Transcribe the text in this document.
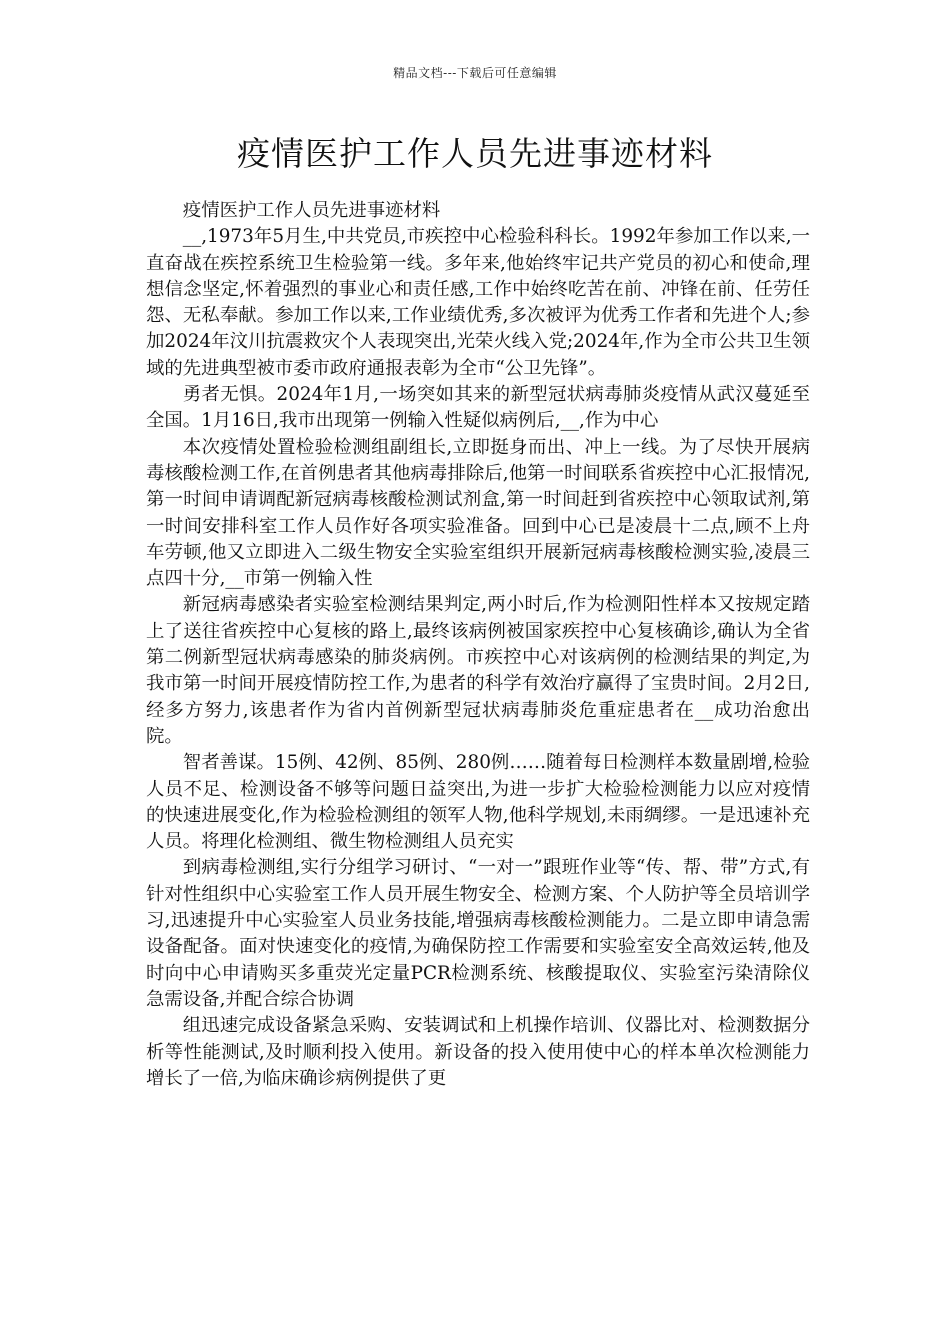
精品文档---下载后可任意编辑
疫情医护工作人员先进事迹材料

疫情医护工作人员先进事迹材料

__,1973年5月生,中共党员,市疾控中心检验科科长。1992年参加工作以来,一直奋战在疾控系统卫生检验第一线。多年来,他始终牢记共产党员的初心和使命,理想信念坚定,怀着强烈的事业心和责任感,工作中始终吃苦在前、冲锋在前、任劳任怨、无私奉献。参加工作以来,工作业绩优秀,多次被评为优秀工作者和先进个人;参加2024年汶川抗震救灾个人表现突出,光荣火线入党;2024年,作为全市公共卫生领域的先进典型被市委市政府通报表彰为全市“公卫先锋”。

勇者无惧。2024年1月,一场突如其来的新型冠状病毒肺炎疫情从武汉蔓延至全国。1月16日,我市出现第一例输入性疑似病例后,__,作为中心

本次疫情处置检验检测组副组长,立即挺身而出、冲上一线。为了尽快开展病毒核酸检测工作,在首例患者其他病毒排除后,他第一时间联系省疾控中心汇报情况,第一时间申请调配新冠病毒核酸检测试剂盒,第一时间赶到省疾控中心领取试剂,第一时间安排科室工作人员作好各项实验准备。回到中心已是凌晨十二点,顾不上舟车劳顿,他又立即进入二级生物安全实验室组织开展新冠病毒核酸检测实验,凌晨三点四十分,__市第一例输入性

新冠病毒感染者实验室检测结果判定,两小时后,作为检测阳性样本又按规定踏上了送往省疾控中心复核的路上,最终该病例被国家疾控中心复核确诊,确认为全省第二例新型冠状病毒感染的肺炎病例。市疾控中心对该病例的检测结果的判定,为我市第一时间开展疫情防控工作,为患者的科学有效治疗赢得了宝贵时间。2月2日,经多方努力,该患者作为省内首例新型冠状病毒肺炎危重症患者在__成功治愈出院。

智者善谋。15例、42例、85例、280例……随着每日检测样本数量剧增,检验人员不足、检测设备不够等问题日益突出,为进一步扩大检验检测能力以应对疫情的快速进展变化,作为检验检测组的领军人物,他科学规划,未雨绸缪。一是迅速补充人员。将理化检测组、微生物检测组人员充实

到病毒检测组,实行分组学习研讨、“一对一”跟班作业等“传、帮、带”方式,有针对性组织中心实验室工作人员开展生物安全、检测方案、个人防护等全员培训学习,迅速提升中心实验室人员业务技能,增强病毒核酸检测能力。二是立即申请急需设备配备。面对快速变化的疫情,为确保防控工作需要和实验室安全高效运转,他及时向中心申请购买多重荧光定量PCR检测系统、核酸提取仪、实验室污染清除仪急需设备,并配合综合协调

组迅速完成设备紧急采购、安装调试和上机操作培训、仪器比对、检测数据分析等性能测试,及时顺利投入使用。新设备的投入使用使中心的样本单次检测能力增长了一倍,为临床确诊病例提供了更
